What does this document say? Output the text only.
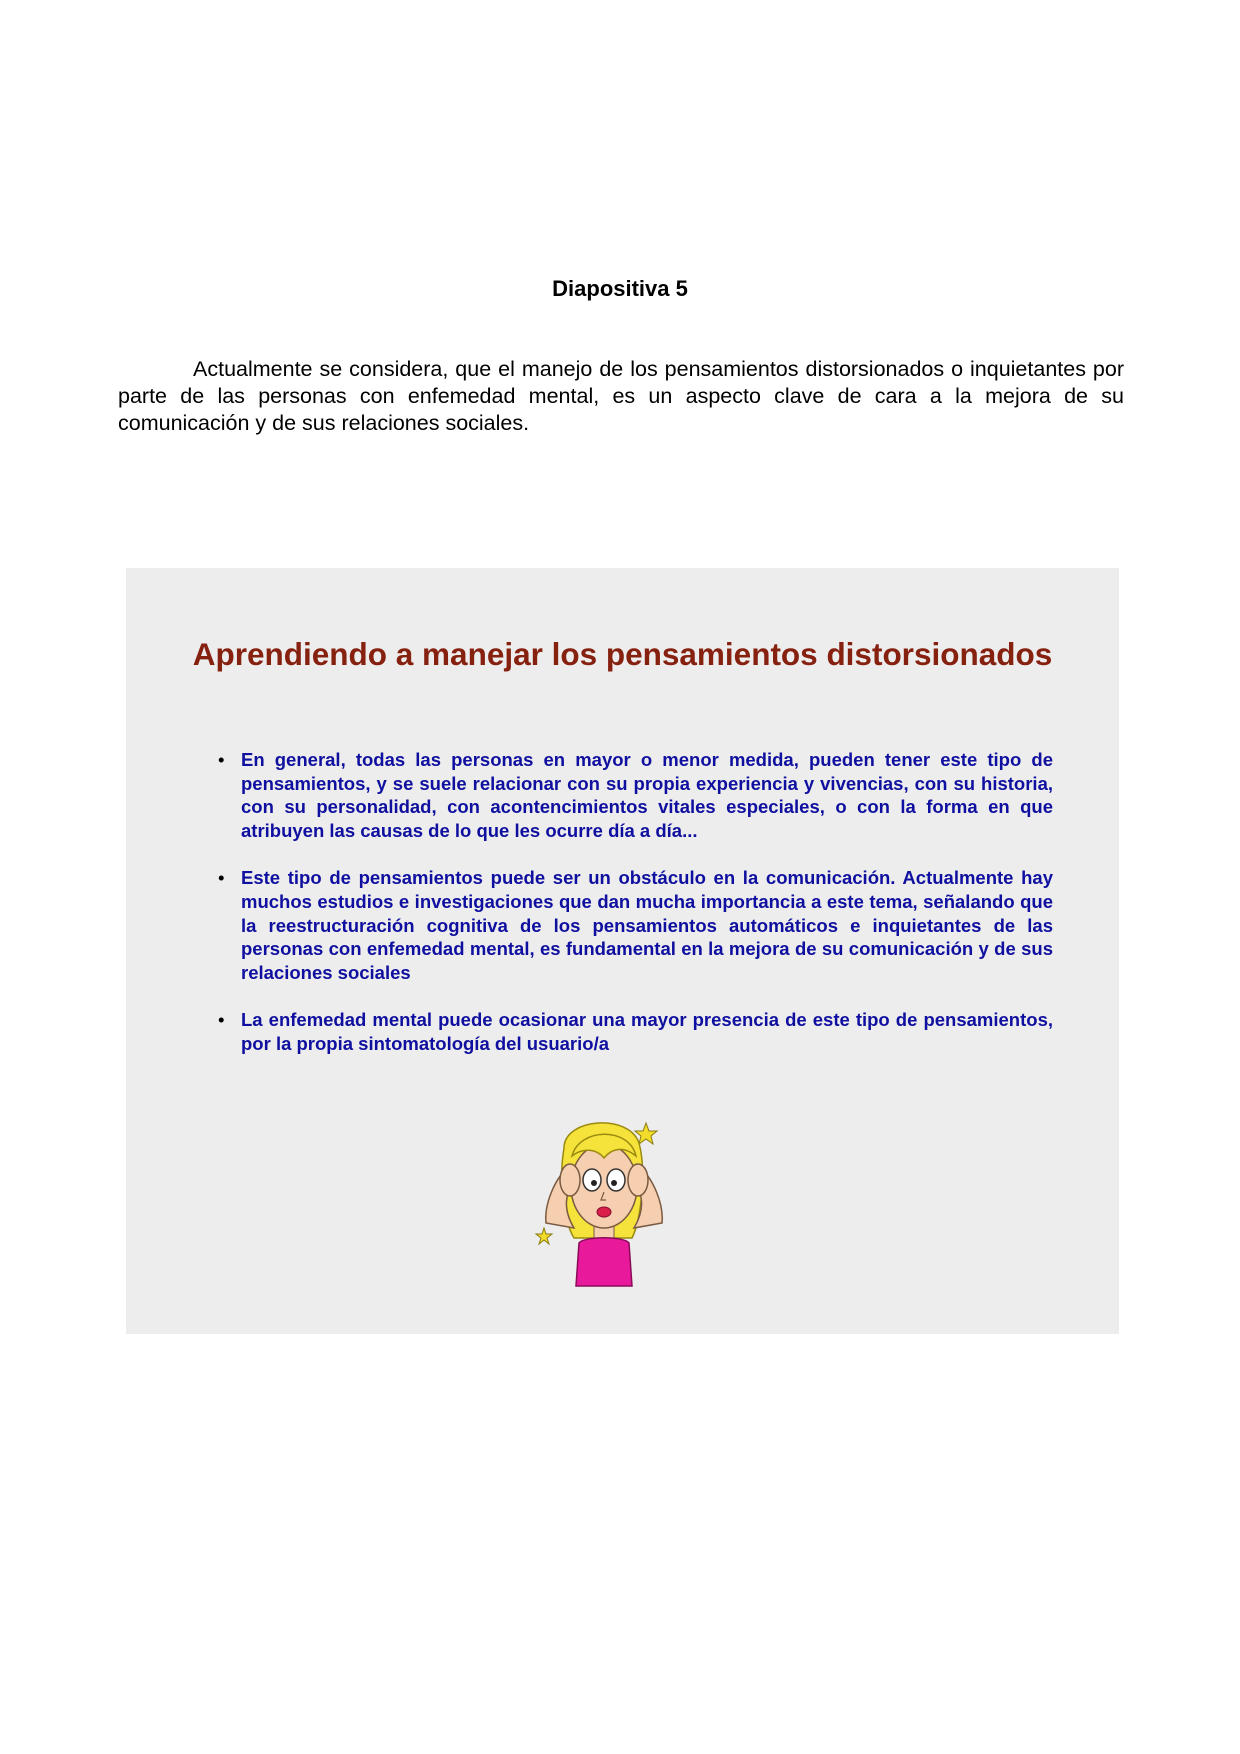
Diapositiva 5

Actualmente se considera, que el manejo de los pensamientos distorsionados o inquietantes por parte de las personas con enfemedad mental, es un aspecto clave de cara a la mejora de su comunicación y de sus relaciones sociales.

Aprendiendo a manejar los pensamientos distorsionados
• En general, todas las personas en mayor o menor medida, pueden tener este tipo de pensamientos, y se suele relacionar con su propia experiencia y vivencias, con su historia, con su personalidad, con acontencimientos vitales especiales, o con la forma en que atribuyen las causas de lo que les ocurre día a día...
• Este tipo de pensamientos puede ser un obstáculo en la comunicación. Actualmente hay muchos estudios e investigaciones que dan mucha importancia a este tema, señalando que la reestructuración cognitiva de los pensamientos automáticos e inquietantes de las personas con enfemedad mental, es fundamental en la mejora de su comunicación y de sus relaciones sociales
• La enfemedad mental puede ocasionar una mayor presencia de este tipo de pensamientos, por la propia sintomatología del usuario/a
